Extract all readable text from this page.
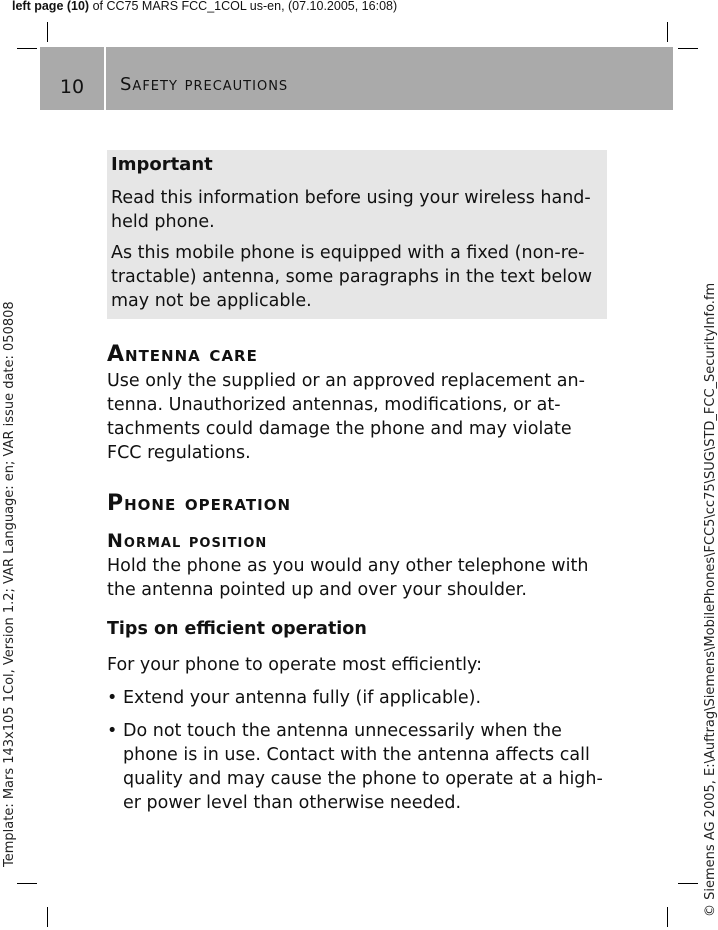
left page (10) of CC75 MARS FCC_1COL us-en, (07.10.2005, 16:08)
Template: Mars 143x105 1Col, Version 1.2; VAR Language: en; VAR issue date: 050808	© Siemens AG 2005, E:\Auftrag\Siemens\MobilePhones\FCC5\cc75\SUG\STD_FCC_SecurityInfo.fm
10	Safety precautions
Important

Read this information before using your wireless hand-held phone.

As this mobile phone is equipped with a fixed (non-re-tractable) antenna, some paragraphs in the text below may not be applicable.

Antenna care

Use only the supplied or an approved replacement an-tenna. Unauthorized antennas, modifications, or at-tachments could damage the phone and may violate FCC regulations.

Phone operation
Normal position

Hold the phone as you would any other telephone with the antenna pointed up and over your shoulder.

Tips on efficient operation

For your phone to operate most efficiently:

• Extend your antenna fully (if applicable).
• Do not touch the antenna unnecessarily when the phone is in use. Contact with the antenna affects call quality and may cause the phone to operate at a high-er power level than otherwise needed.
